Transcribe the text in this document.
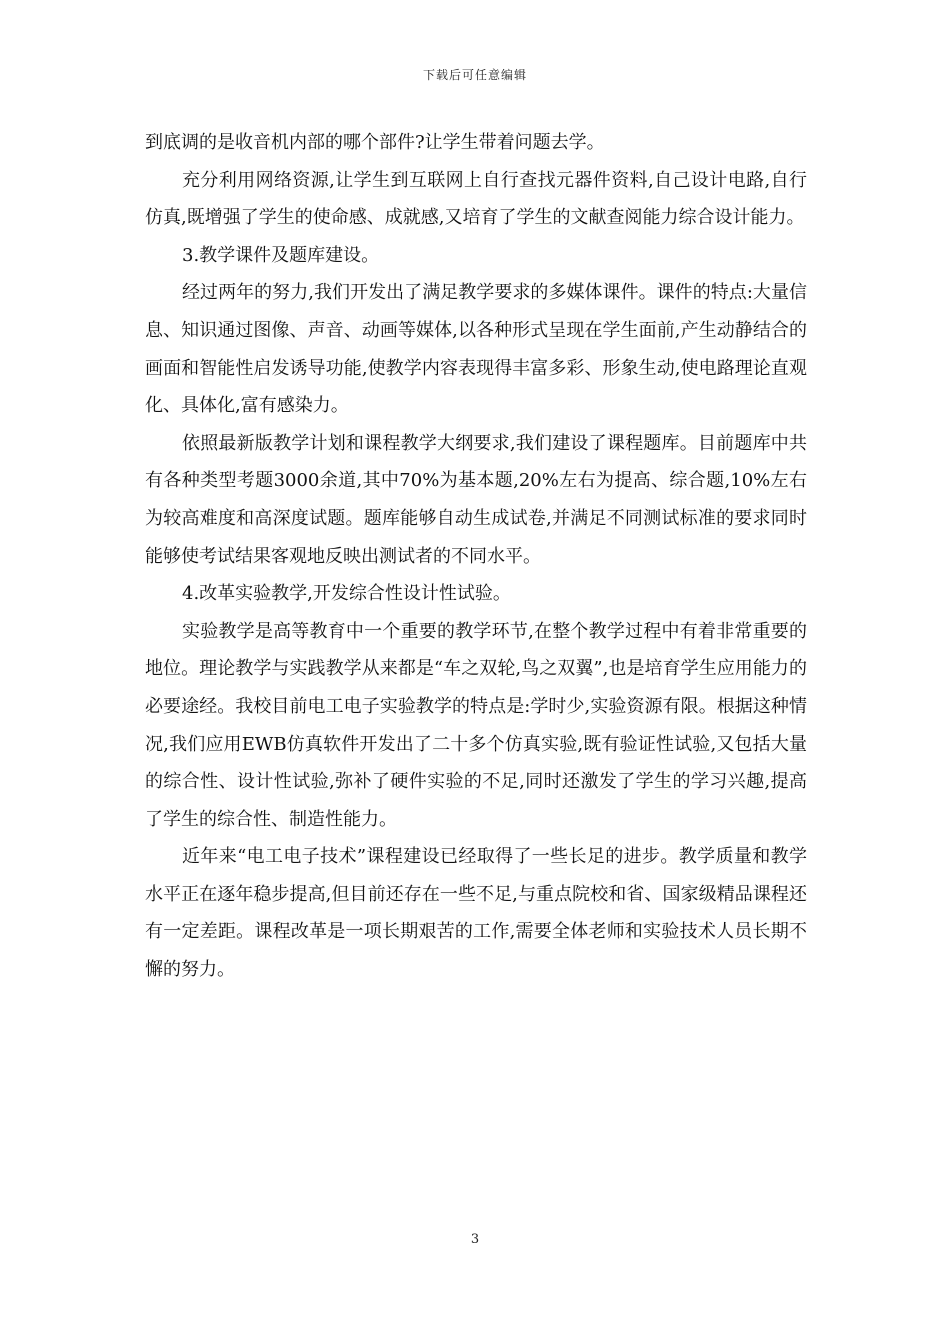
下载后可任意编辑

到底调的是收音机内部的哪个部件?让学生带着问题去学。

充分利用网络资源,让学生到互联网上自行查找元器件资料,自己设计电路,自行仿真,既增强了学生的使命感、成就感,又培育了学生的文献查阅能力综合设计能力。

3.教学课件及题库建设。

经过两年的努力,我们开发出了满足教学要求的多媒体课件。课件的特点:大量信息、知识通过图像、声音、动画等媒体,以各种形式呈现在学生面前,产生动静结合的画面和智能性启发诱导功能,使教学内容表现得丰富多彩、形象生动,使电路理论直观化、具体化,富有感染力。

依照最新版教学计划和课程教学大纲要求,我们建设了课程题库。目前题库中共有各种类型考题3000余道,其中70%为基本题,20%左右为提高、综合题,10%左右为较高难度和高深度试题。题库能够自动生成试卷,并满足不同测试标准的要求同时能够使考试结果客观地反映出测试者的不同水平。

4.改革实验教学,开发综合性设计性试验。

实验教学是高等教育中一个重要的教学环节,在整个教学过程中有着非常重要的地位。理论教学与实践教学从来都是“车之双轮,鸟之双翼”,也是培育学生应用能力的必要途经。我校目前电工电子实验教学的特点是:学时少,实验资源有限。根据这种情况,我们应用EWB仿真软件开发出了二十多个仿真实验,既有验证性试验,又包括大量的综合性、设计性试验,弥补了硬件实验的不足,同时还激发了学生的学习兴趣,提高了学生的综合性、制造性能力。

近年来“电工电子技术”课程建设已经取得了一些长足的进步。教学质量和教学水平正在逐年稳步提高,但目前还存在一些不足,与重点院校和省、国家级精品课程还有一定差距。课程改革是一项长期艰苦的工作,需要全体老师和实验技术人员长期不懈的努力。

3
